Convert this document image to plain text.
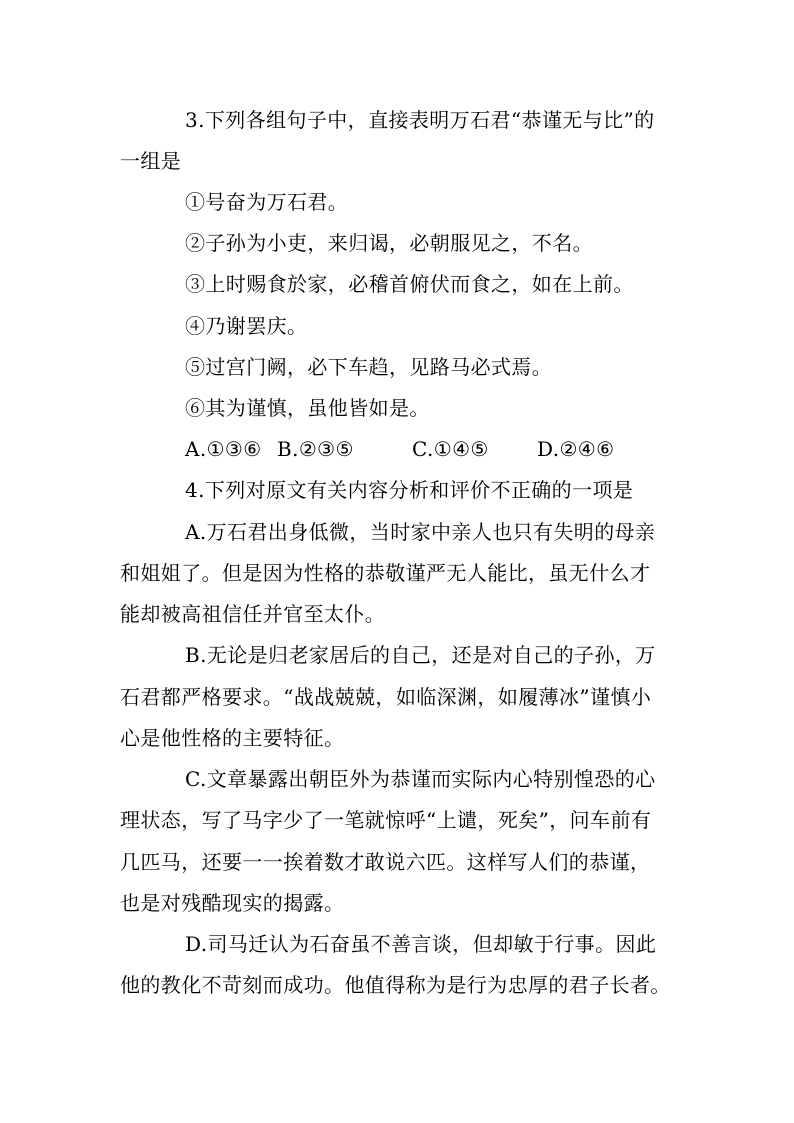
3.下列各组句子中，直接表明万石君“恭谨无与比”的
一组是
①号奋为万石君。
②子孙为小吏，来归谒，必朝服见之，不名。
③上时赐食於家，必稽首俯伏而食之，如在上前。
④乃谢罢庆。
⑤过宫门阙，必下车趋，见路马必式焉。
⑥其为谨慎，虽他皆如是。
A.①③⑥ B.②③⑤	C.①④⑤ D.②④⑥
4.下列对原文有关内容分析和评价不正确的一项是
A.万石君出身低微，当时家中亲人也只有失明的母亲
和姐姐了。但是因为性格的恭敬谨严无人能比，虽无什么才
能却被高祖信任并官至太仆。
B.无论是归老家居后的自己，还是对自己的子孙，万
石君都严格要求。“战战兢兢，如临深渊，如履薄冰”谨慎小
心是他性格的主要特征。
C.文章暴露出朝臣外为恭谨而实际内心特别惶恐的心
理状态，写了马字少了一笔就惊呼“上谴，死矣”，问车前有
几匹马，还要一一挨着数才敢说六匹。这样写人们的恭谨，
也是对残酷现实的揭露。
D.司马迁认为石奋虽不善言谈，但却敏于行事。因此
他的教化不苛刻而成功。他值得称为是行为忠厚的君子长者。
